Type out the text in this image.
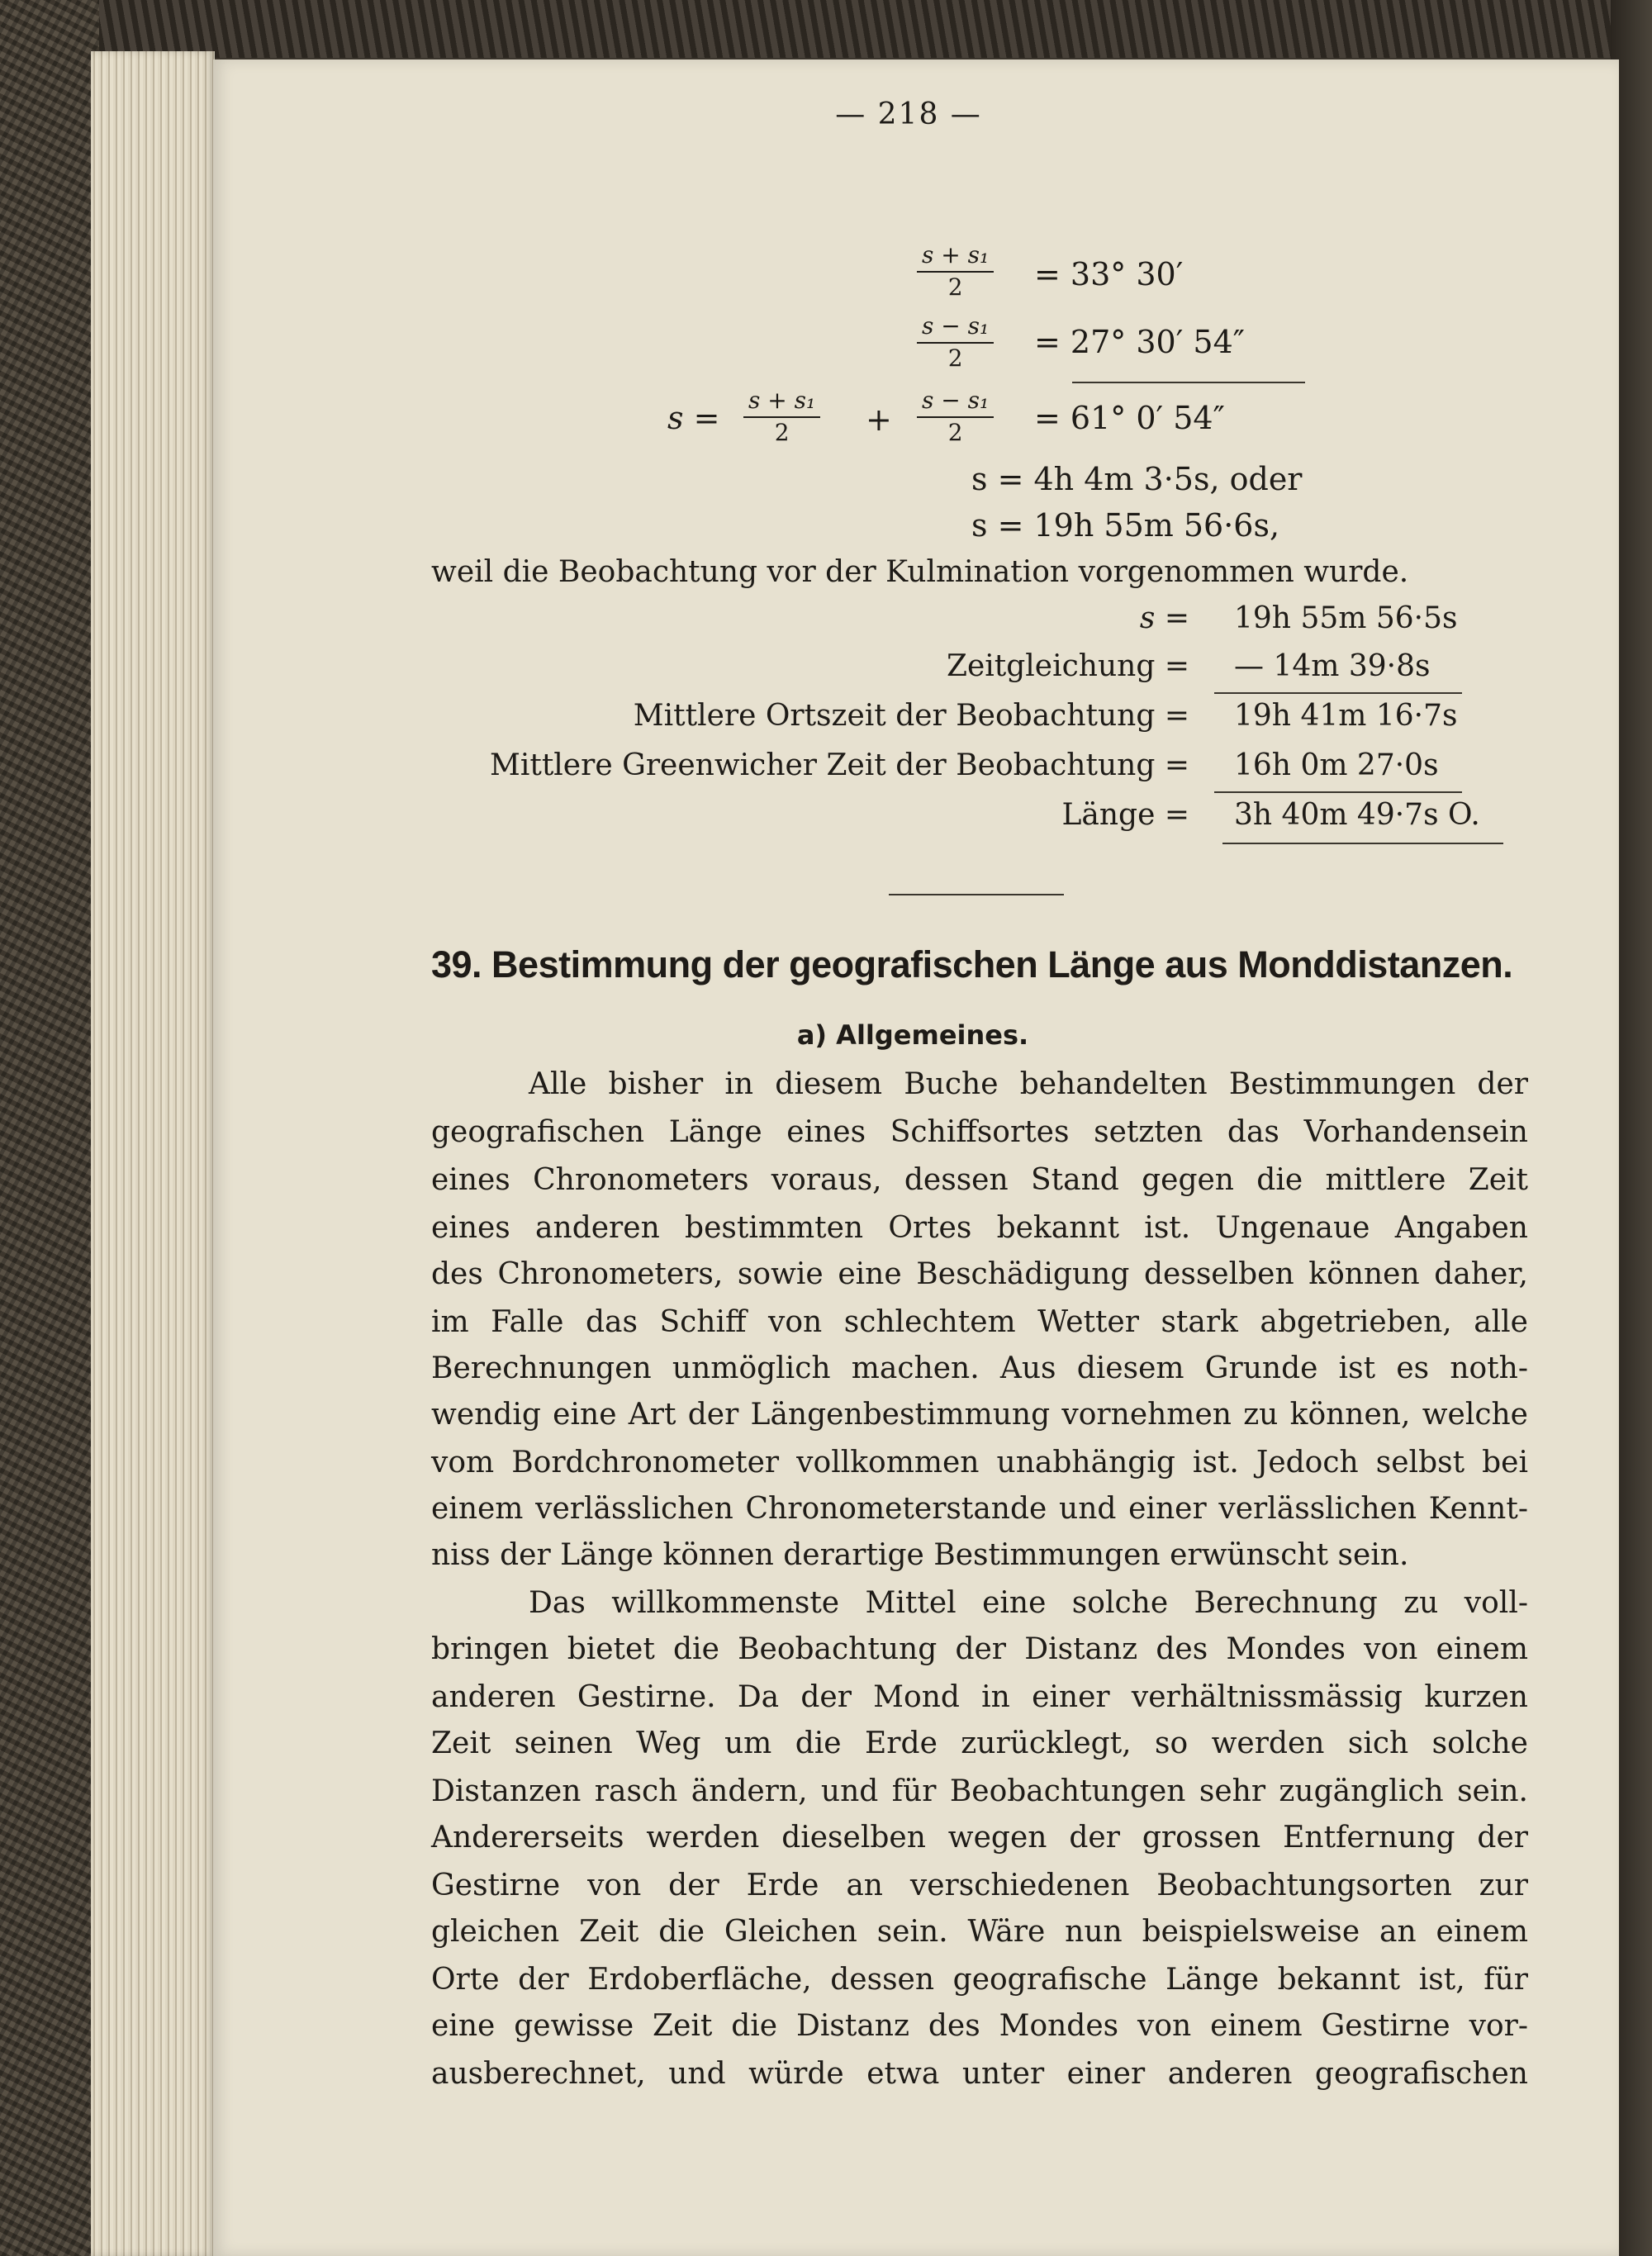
— 218 —
$\frac{\text{s + s₁}}{2} = 33^\circ$ 30′
$\frac{\text{s − s₁}}{2} = 27^\circ$ 30′ 54″
$s = \frac{\text{s + s₁}}{2} + \frac{\text{s − s₁}}{2} = 61^\circ$ 0′ 54″
s = 4h 4m 3·5s, oder
s = 19h 55m 56·6s,
weil die Beobachtung vor der Kulmination vorgenommen wurde.
s = 19h 55m 56·5s
Zeitgleichung = — 14m 39·8s
Mittlere Ortszeit der Beobachtung = 19h 41m 16·7s
Mittlere Greenwicher Zeit der Beobachtung = 16h 0m 27·0s
Länge = 3h 40m 49·7s O.
39. Bestimmung der geografischen Länge aus Monddistanzen.
a) Allgemeines.
Alle bisher in diesem Buche behandelten Bestimmungen der
geografischen Länge eines Schiffsortes setzten das Vorhandensein
eines Chronometers voraus, dessen Stand gegen die mittlere Zeit
eines anderen bestimmten Ortes bekannt ist. Ungenaue Angaben
des Chronometers, sowie eine Beschädigung desselben können daher,
im Falle das Schiff von schlechtem Wetter stark abgetrieben, alle
Berechnungen unmöglich machen. Aus diesem Grunde ist es noth-
wendig eine Art der Längenbestimmung vornehmen zu können, welche
vom Bordchronometer vollkommen unabhängig ist. Jedoch selbst bei
einem verlässlichen Chronometerstande und einer verlässlichen Kennt-
niss der Länge können derartige Bestimmungen erwünscht sein.
Das willkommenste Mittel eine solche Berechnung zu voll-
bringen bietet die Beobachtung der Distanz des Mondes von einem
anderen Gestirne. Da der Mond in einer verhältnissmässig kurzen
Zeit seinen Weg um die Erde zurücklegt, so werden sich solche
Distanzen rasch ändern, und für Beobachtungen sehr zugänglich sein.
Andererseits werden dieselben wegen der grossen Entfernung der
Gestirne von der Erde an verschiedenen Beobachtungsorten zur
gleichen Zeit die Gleichen sein. Wäre nun beispielsweise an einem
Orte der Erdoberfläche, dessen geografische Länge bekannt ist, für
eine gewisse Zeit die Distanz des Mondes von einem Gestirne vor-
ausberechnet, und würde etwa unter einer anderen geografischen
